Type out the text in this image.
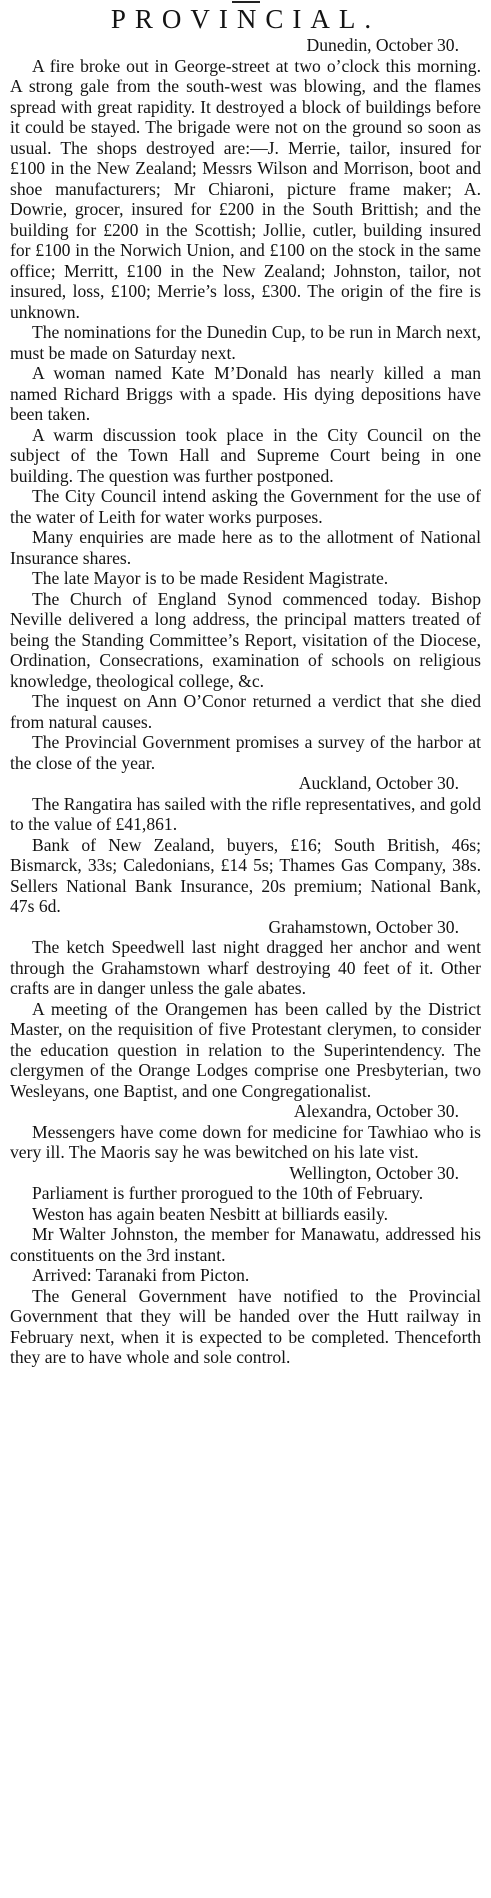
PROVINCIAL.
Dunedin, October 30.

A fire broke out in George-street at two o’clock this morning. A strong gale from the south-west was blowing, and the flames spread with great rapidity. It destroyed a block of buildings before it could be stayed. The brigade were not on the ground so soon as usual. The shops destroyed are:—J. Merrie, tailor, insured for £100 in the New Zealand; Messrs Wilson and Morrison, boot and shoe manufacturers; Mr Chiaroni, picture frame maker; A. Dowrie, grocer, insured for £200 in the South Brittish; and the building for £200 in the Scottish; Jollie, cutler, building insured for £100 in the Norwich Union, and £100 on the stock in the same office; Merritt, £100 in the New Zealand; Johnston, tailor, not insured, loss, £100; Merrie’s loss, £300. The origin of the fire is unknown.

The nominations for the Dunedin Cup, to be run in March next, must be made on Saturday next.

A woman named Kate M’Donald has nearly killed a man named Richard Briggs with a spade. His dying depositions have been taken.

A warm discussion took place in the City Council on the subject of the Town Hall and Supreme Court being in one building. The question was further postponed.

The City Council intend asking the Government for the use of the water of Leith for water works purposes.

Many enquiries are made here as to the allotment of National Insurance shares.

The late Mayor is to be made Resident Magistrate.

The Church of England Synod commenced today. Bishop Neville delivered a long address, the principal matters treated of being the Standing Committee’s Report, visitation of the Diocese, Ordination, Consecrations, examination of schools on religious knowledge, theological college, &c.

The inquest on Ann O’Conor returned a verdict that she died from natural causes.

The Provincial Government promises a survey of the harbor at the close of the year.

Auckland, October 30.

The Rangatira has sailed with the rifle representatives, and gold to the value of £41,861.

Bank of New Zealand, buyers, £16; South British, 46s; Bismarck, 33s; Caledonians, £14 5s; Thames Gas Company, 38s. Sellers National Bank Insurance, 20s premium; National Bank, 47s 6d.

Grahamstown, October 30.

The ketch Speedwell last night dragged her anchor and went through the Grahamstown wharf destroying 40 feet of it. Other crafts are in danger unless the gale abates.

A meeting of the Orangemen has been called by the District Master, on the requisition of five Protestant clerymen, to consider the education question in relation to the Superintendency. The clergymen of the Orange Lodges comprise one Presbyterian, two Wesleyans, one Baptist, and one Congregationalist.

Alexandra, October 30.

Messengers have come down for medicine for Tawhiao who is very ill. The Maoris say he was bewitched on his late vist.

Wellington, October 30.

Parliament is further prorogued to the 10th of February.

Weston has again beaten Nesbitt at billiards easily.

Mr Walter Johnston, the member for Manawatu, addressed his constituents on the 3rd instant.

Arrived: Taranaki from Picton.

The General Government have notified to the Provincial Government that they will be handed over the Hutt railway in February next, when it is expected to be completed. Thenceforth they are to have whole and sole control.
